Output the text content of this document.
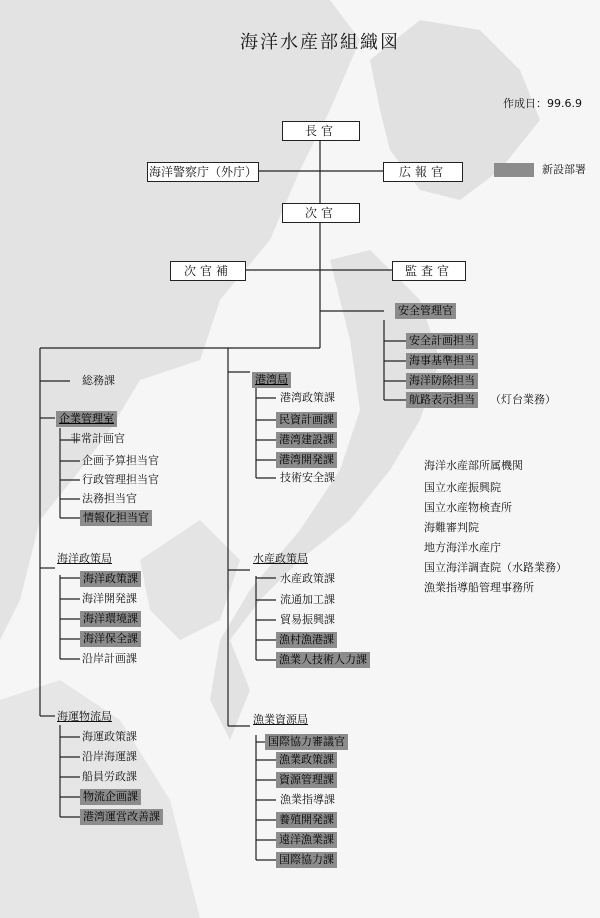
海洋水産部組織図
作成日：99.6.9
新設部署
長官
海洋警察庁（外庁）	広報官
次官
次官補	監査官
安全管理官
安全計画担当
海事基準担当
海洋防除担当
航路表示担当 （灯台業務）
総務課
企業管理室
非常計画官
企画予算担当官
行政管理担当官
法務担当官
情報化担当官
海洋政策局
海洋政策課
海洋開発課
海洋環境課
海洋保全課
沿岸計画課
海運物流局
海運政策課
沿岸海運課
船員労政課
物流企画課
港湾運営改善課
港湾局
港湾政策課
民資計画課
港湾建設課
港湾開発課
技術安全課
水産政策局
水産政策課
流通加工課
貿易振興課
漁村漁港課
漁業人技術人力課
漁業資源局
国際協力審議官
漁業政策課
資源管理課
漁業指導課
養殖開発課
遠洋漁業課
国際協力課
海洋水産部所属機関
国立水産振興院
国立水産物検査所
海難審判院
地方海洋水産庁
国立海洋調査院（水路業務）
漁業指導船管理事務所
